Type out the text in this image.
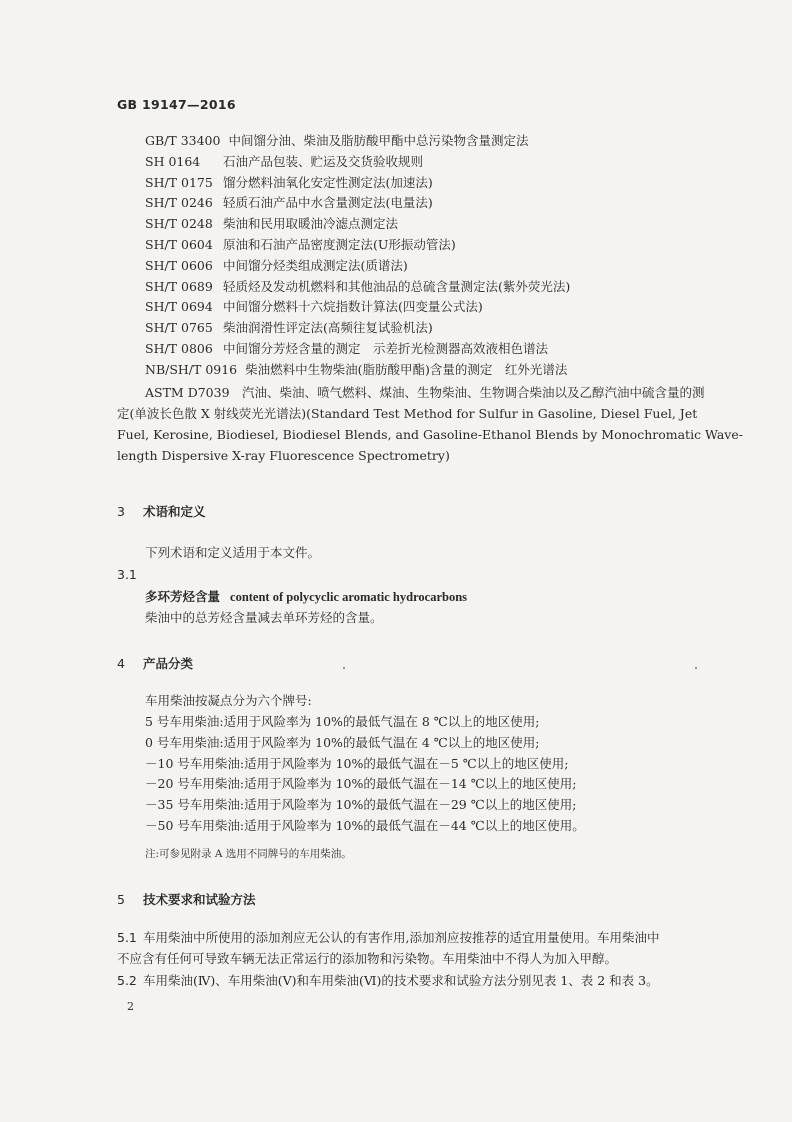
GB 19147—2016
GB/T 33400 中间馏分油、柴油及脂肪酸甲酯中总污染物含量测定法
SH 0164 石油产品包装、贮运及交货验收规则
SH/T 0175 馏分燃料油氧化安定性测定法(加速法)
SH/T 0246 轻质石油产品中水含量测定法(电量法)
SH/T 0248 柴油和民用取暖油冷滤点测定法
SH/T 0604 原油和石油产品密度测定法(U形振动管法)
SH/T 0606 中间馏分烃类组成测定法(质谱法)
SH/T 0689 轻质烃及发动机燃料和其他油品的总硫含量测定法(紫外荧光法)
SH/T 0694 中间馏分燃料十六烷指数计算法(四变量公式法)
SH/T 0765 柴油润滑性评定法(高频往复试验机法)
SH/T 0806 中间馏分芳烃含量的测定　示差折光检测器高效液相色谱法
NB/SH/T 0916 柴油燃料中生物柴油(脂肪酸甲酯)含量的测定　红外光谱法
ASTM D7039　汽油、柴油、喷气燃料、煤油、生物柴油、生物调合柴油以及乙醇汽油中硫含量的测
定(单波长色散 X 射线荧光光谱法)(Standard Test Method for Sulfur in Gasoline, Diesel Fuel, Jet
Fuel, Kerosine, Biodiesel, Biodiesel Blends, and Gasoline-Ethanol Blends by Monochromatic Wave-
length Dispersive X-ray Fluorescence Spectrometry)
3 术语和定义
下列术语和定义适用于本文件。
3.1
多环芳烃含量 content of polycyclic aromatic hydrocarbons
柴油中的总芳烃含量减去单环芳烃的含量。
4 产品分类
车用柴油按凝点分为六个牌号:
5 号车用柴油:适用于风险率为 10%的最低气温在 8 ℃以上的地区使用;
0 号车用柴油:适用于风险率为 10%的最低气温在 4 ℃以上的地区使用;
－10 号车用柴油:适用于风险率为 10%的最低气温在－5 ℃以上的地区使用;
－20 号车用柴油:适用于风险率为 10%的最低气温在－14 ℃以上的地区使用;
－35 号车用柴油:适用于风险率为 10%的最低气温在－29 ℃以上的地区使用;
－50 号车用柴油:适用于风险率为 10%的最低气温在－44 ℃以上的地区使用。
注:可参见附录 A 选用不同牌号的车用柴油。
5 技术要求和试验方法
5.1 车用柴油中所使用的添加剂应无公认的有害作用,添加剂应按推荐的适宜用量使用。车用柴油中
不应含有任何可导致车辆无法正常运行的添加物和污染物。车用柴油中不得人为加入甲醇。
5.2 车用柴油(Ⅳ)、车用柴油(Ⅴ)和车用柴油(Ⅵ)的技术要求和试验方法分别见表 1、表 2 和表 3。
2
